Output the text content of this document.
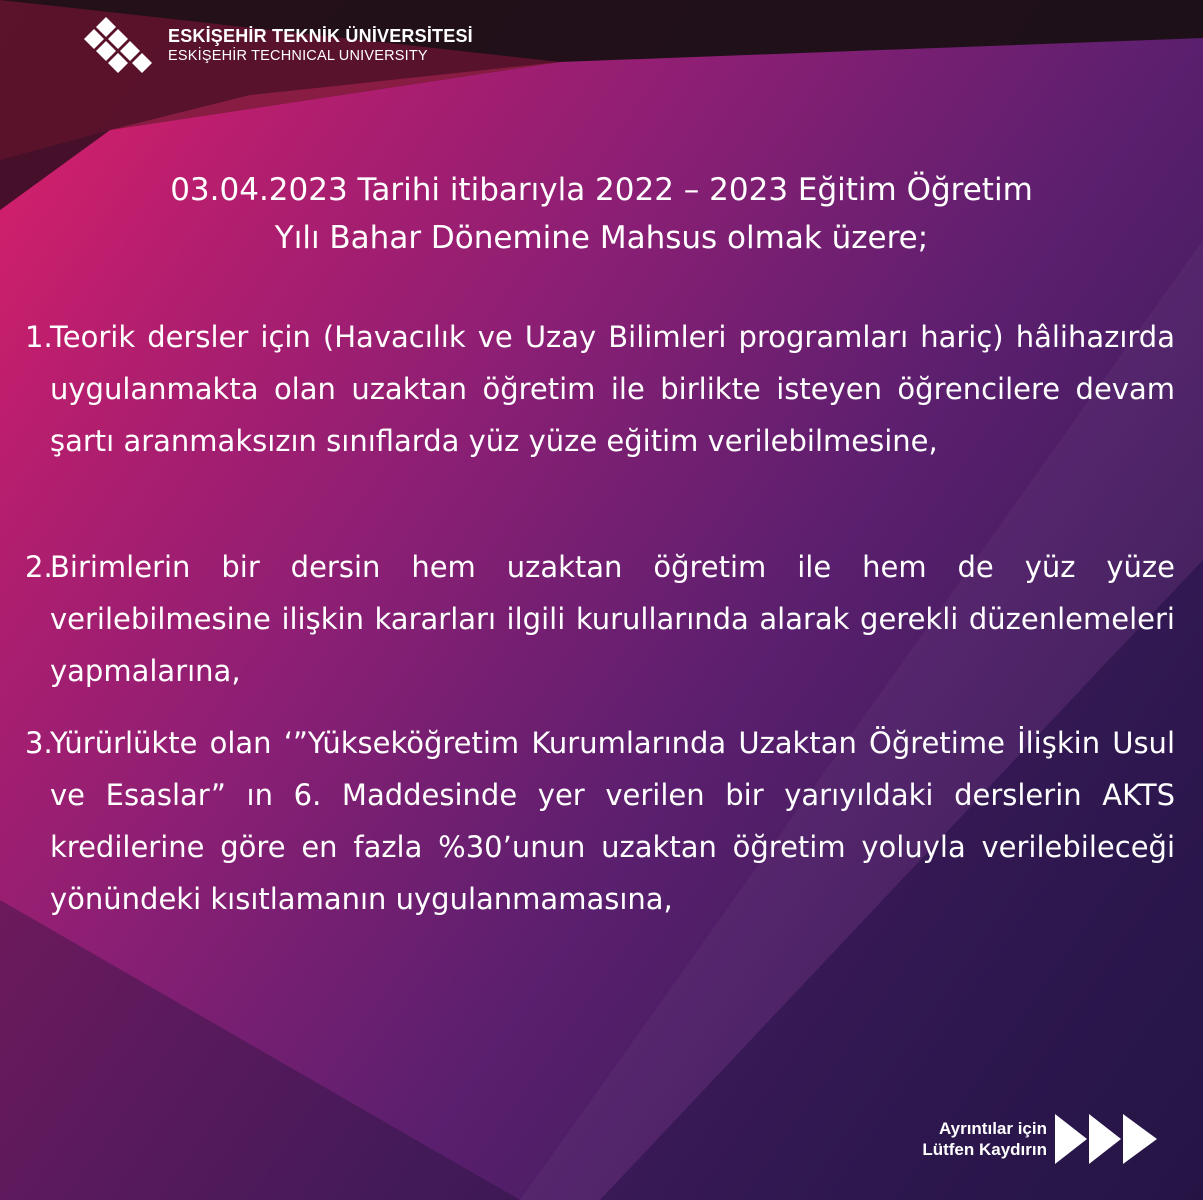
ESKİŞEHİR TEKNİK ÜNİVERSİTESİ
ESKİŞEHİR TECHNICAL UNIVERSITY
03.04.2023 Tarihi itibarıyla 2022 – 2023 Eğitim Öğretim
Yılı Bahar Dönemine Mahsus olmak üzere;
1.
Teorik dersler için (Havacılık ve Uzay Bilimleri programları hariç) hâlihazırda uygulanmakta olan uzaktan öğretim ile birlikte isteyen öğrencilere devam şartı aranmaksızın sınıflarda yüz yüze eğitim verilebilmesine,
2.
Birimlerin bir dersin hem uzaktan öğretim ile hem de yüz yüze verilebilmesine ilişkin kararları ilgili kurullarında alarak gerekli düzenlemeleri yapmalarına,
3.
Yürürlükte olan ‘”Yükseköğretim Kurumlarında Uzaktan Öğretime İlişkin Usul ve Esaslar” ın 6. Maddesinde yer verilen bir yarıyıldaki derslerin AKTS kredilerine göre en fazla %30’unun uzaktan öğretim yoluyla verilebileceği yönündeki kısıtlamanın uygulanmamasına,
Ayrıntılar için
Lütfen Kaydırın
